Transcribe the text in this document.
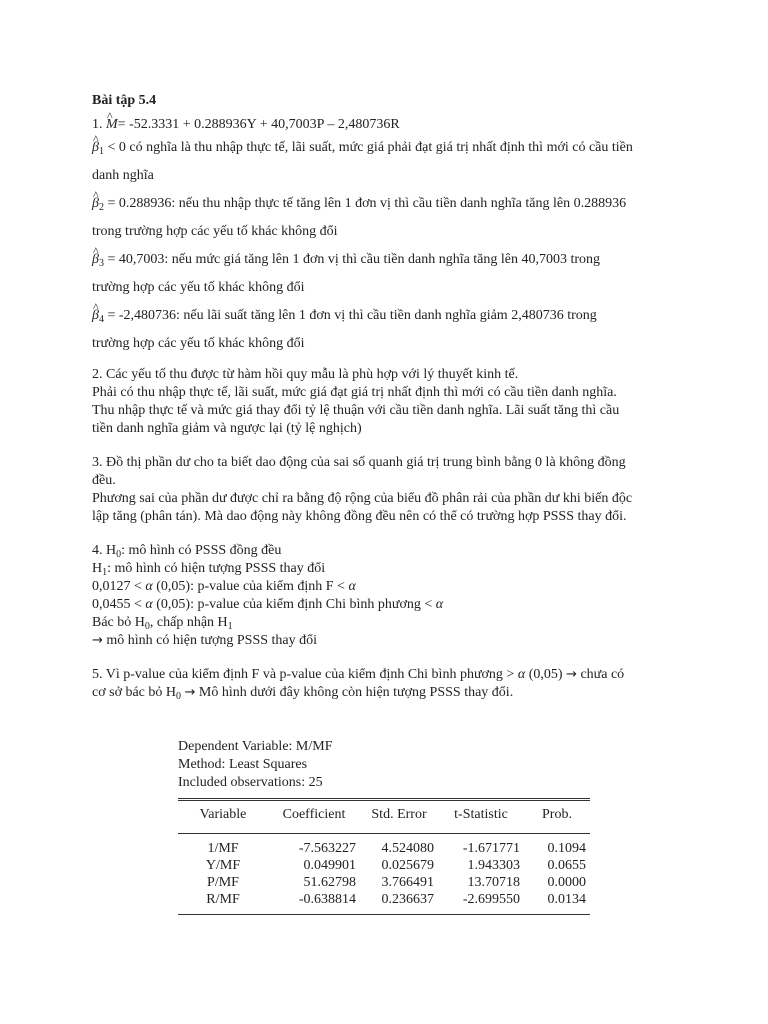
Bài tập 5.4

1. ^ M= -52.3331 + 0.288936Y + 40,7003P – 2,480736R

^ $\beta_1 < 0$ có nghĩa là thu nhập thực tế, lãi suất, mức giá phải đạt giá trị nhất định thì mới có cầu tiền

danh nghĩa

^ $\beta_2 = 0.288936$: nếu thu nhập thực tế tăng lên 1 đơn vị thì cầu tiền danh nghĩa tăng lên 0.288936

trong trường hợp các yếu tố khác không đổi

^ $\beta_3 = 40,7003$: nếu mức giá tăng lên 1 đơn vị thì cầu tiền danh nghĩa tăng lên 40,7003 trong

trường hợp các yếu tố khác không đổi

^ $\beta_4 = -2,480736$: nếu lãi suất tăng lên 1 đơn vị thì cầu tiền danh nghĩa giảm 2,480736 trong

trường hợp các yếu tố khác không đổi

2. Các yếu tố thu được từ hàm hồi quy mẫu là phù hợp với lý thuyết kinh tế.

Phải có thu nhập thực tế, lãi suất, mức giá đạt giá trị nhất định thì mới có cầu tiền danh nghĩa.

Thu nhập thực tế và mức giá thay đổi tỷ lệ thuận với cầu tiền danh nghĩa. Lãi suất tăng thì cầu

tiền danh nghĩa giảm và ngược lại (tỷ lệ nghịch)

3. Đồ thị phần dư cho ta biết dao động của sai số quanh giá trị trung bình bằng 0 là không đồng

đều.

Phương sai của phần dư được chỉ ra bằng độ rộng của biểu đồ phân rải của phần dư khi biến độc

lập tăng (phân tán). Mà dao động này không đồng đều nên có thể có trường hợp PSSS thay đổi.

4. $H_0$: mô hình có PSSS đồng đều

$H_1$: mô hình có hiện tượng PSSS thay đổi

0,0127 < α (0,05): p-value của kiểm định F < α

0,0455 < α (0,05): p-value của kiểm định Chi bình phương < α

Bác bỏ $H_0$, chấp nhận $H_1$

→ mô hình có hiện tượng PSSS thay đổi

5. Vì p-value của kiểm định F và p-value của kiểm định Chi bình phương > α (0,05) → chưa có

cơ sở bác bỏ $H_0$ → Mô hình dưới đây không còn hiện tượng PSSS thay đổi.

Dependent Variable: M/MF

Method: Least Squares

Included observations: 25

Variable	Coefficient	Std. Error	t-Statistic	Prob.

1/MF	-7.563227	4.524080	-1.671771	0.1094
Y/MF	0.049901	0.025679	1.943303	0.0655
P/MF	51.62798	3.766491	13.70718	0.0000
R/MF	-0.638814	0.236637	-2.699550	0.0134
